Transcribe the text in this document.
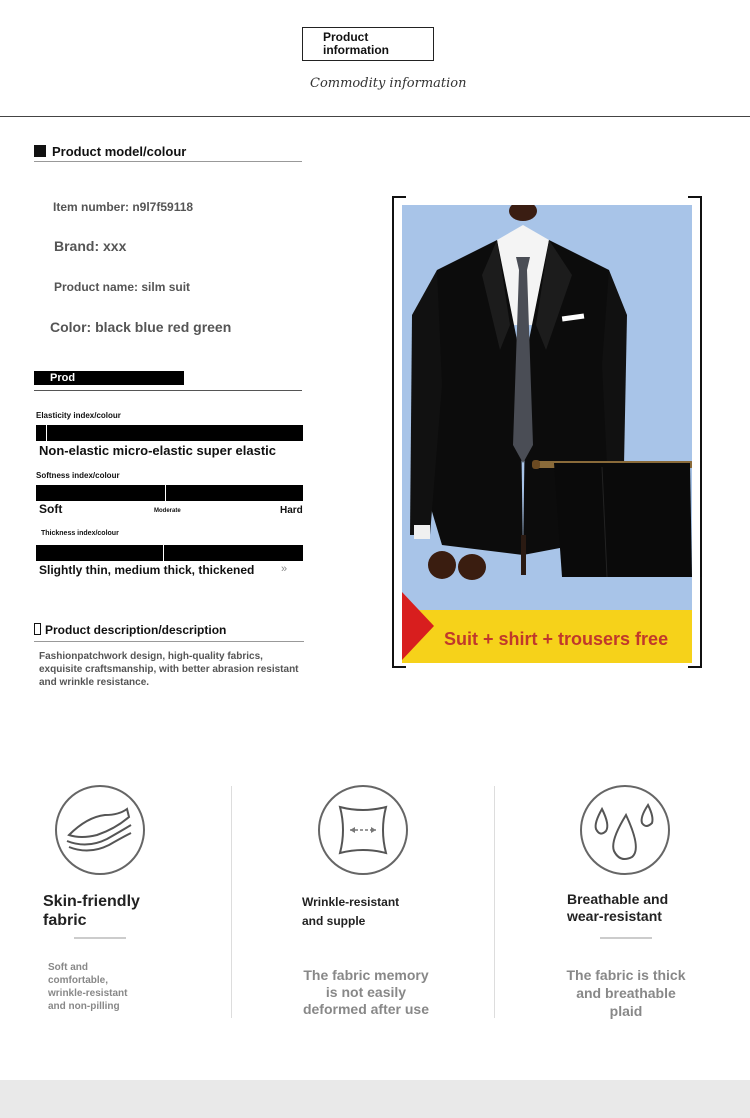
Product
information
Commodity information
Product model/colour
Item number: n9l7f59118
Brand: xxx
Product name: silm suit
Color: black blue red green
Prod
Elasticity index/colour
Non-elastic micro-elastic super elastic
Softness index/colour
Soft	Moderate	Hard
Thickness index/colour
Slightly thin, medium thick, thickened »
Product description/description
Fashionpatchwork design, high-quality fabrics, exquisite craftsmanship, with better abrasion resistant and wrinkle resistance.
Suit + shirt + trousers free
Skin-friendly
fabric
Soft and
comfortable,
wrinkle-resistant
and non-pilling
Wrinkle-resistant
and supple
The fabric memory
is not easily
deformed after use
Breathable and
wear-resistant
The fabric is thick
and breathable
plaid
